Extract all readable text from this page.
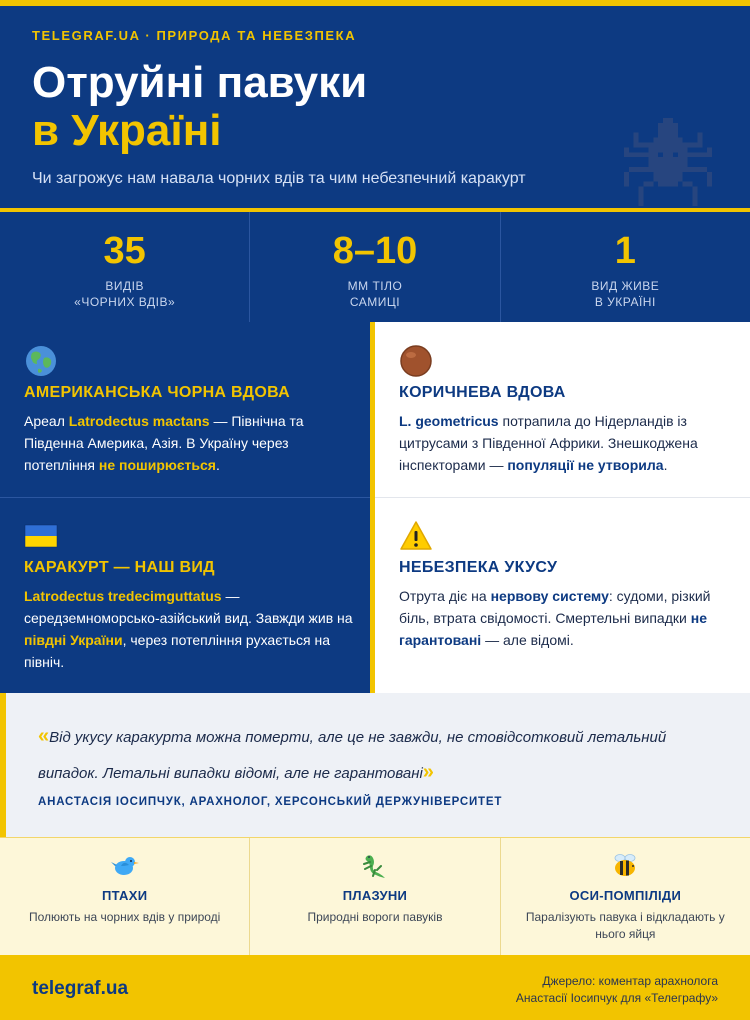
TELEGRAF.UA · ПРИРОДА ТА НЕБЕЗПЕКА
Отруйні павуки
в Україні
Чи загрожує нам навала чорних вдів та чим небезпечний каракурт
35
ВИДІВ
«ЧОРНИХ ВДІВ»
8–10
ММ ТІЛО
САМИЦІ
1
ВИД ЖИВЕ
В УКРАЇНІ
АМЕРИКАНСЬКА ЧОРНА ВДОВА

Ареал Latrodectus mactans — Північна та Південна Америка, Азія. В Україну через потепління не поширюється.

КОРИЧНЕВА ВДОВА

L. geometricus потрапила до Нідерландів із цитрусами з Південної Африки. Знешкоджена інспекторами — популяції не утворила.

КАРАКУРТ — НАШ ВИД

Latrodectus tredecimguttatus — середземноморсько-азійський вид. Завжди жив на півдні України, через потепління рухається на північ.

НЕБЕЗПЕКА УКУСУ

Отрута діє на нервову систему: судоми, різкий біль, втрата свідомості. Смертельні випадки не гарантовані — але відомі.

«Від укусу каракурта можна померти, але це не завжди, не стовідсотковий летальний випадок. Летальні випадки відомі, але не гарантовані»
АНАСТАСІЯ ІОСИПЧУК, АРАХНОЛОГ, ХЕРСОНСЬКИЙ ДЕРЖУНІВЕРСИТЕТ
ПТАХИ
Полюють на чорних вдів у природі
ПЛАЗУНИ
Природні вороги павуків
ОСИ-ПОМПІЛІДИ
Паралізують павука і відкладають у нього яйця
telegraf.ua	Джерело: коментар арахнолога
Анастасії Іосипчук для «Телеграфу»
